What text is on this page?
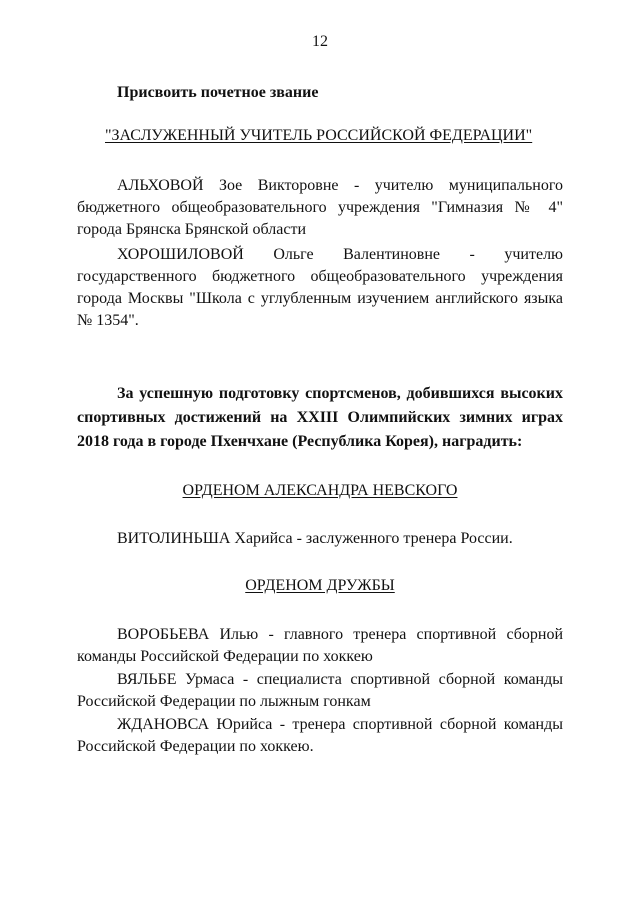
12
Присвоить почетное звание
"ЗАСЛУЖЕННЫЙ УЧИТЕЛЬ РОССИЙСКОЙ ФЕДЕРАЦИИ"
АЛЬХОВОЙ Зое Викторовне - учителю муниципального бюджетного общеобразовательного учреждения "Гимназия № 4" города Брянска Брянской области
ХОРОШИЛОВОЙ Ольге Валентиновне - учителю государственного бюджетного общеобразовательного учреждения города Москвы "Школа с углубленным изучением английского языка № 1354".
За успешную подготовку спортсменов, добившихся высоких спортивных достижений на XXIII Олимпийских зимних играх 2018 года в городе Пхенчхане (Республика Корея), наградить:
ОРДЕНОМ АЛЕКСАНДРА НЕВСКОГО
ВИТОЛИНЬША Харийса - заслуженного тренера России.
ОРДЕНОМ ДРУЖБЫ
ВОРОБЬЕВА Илью - главного тренера спортивной сборной команды Российской Федерации по хоккею
ВЯЛЬБЕ Урмаса - специалиста спортивной сборной команды Российской Федерации по лыжным гонкам
ЖДАНОВСА Юрийса - тренера спортивной сборной команды Российской Федерации по хоккею.
